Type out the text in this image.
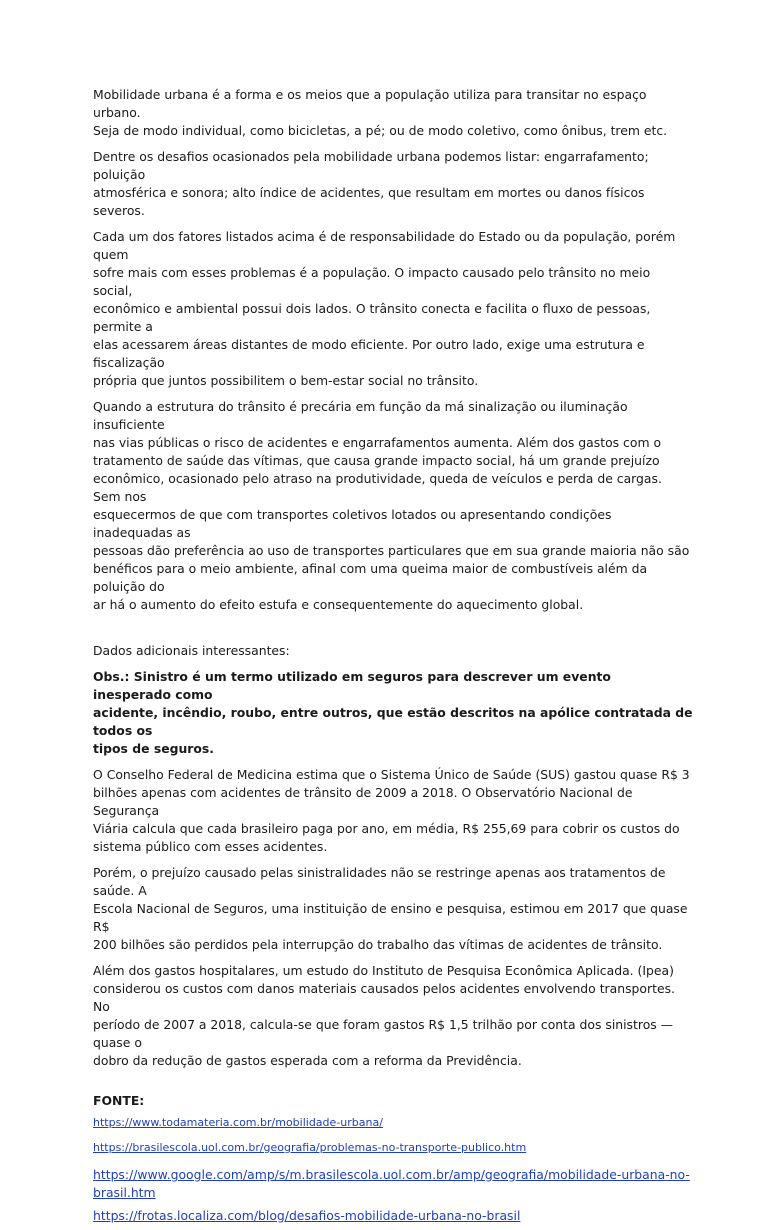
Mobilidade urbana é a forma e os meios que a população utiliza para transitar no espaço urbano.
Seja de modo individual, como bicicletas, a pé; ou de modo coletivo, como ônibus, trem etc.

Dentre os desafios ocasionados pela mobilidade urbana podemos listar: engarrafamento; poluição
atmosférica e sonora; alto índice de acidentes, que resultam em mortes ou danos físicos severos.

Cada um dos fatores listados acima é de responsabilidade do Estado ou da população, porém quem
sofre mais com esses problemas é a população. O impacto causado pelo trânsito no meio social,
econômico e ambiental possui dois lados. O trânsito conecta e facilita o fluxo de pessoas, permite a
elas acessarem áreas distantes de modo eficiente. Por outro lado, exige uma estrutura e fiscalização
própria que juntos possibilitem o bem-estar social no trânsito.

Quando a estrutura do trânsito é precária em função da má sinalização ou iluminação insuficiente
nas vias públicas o risco de acidentes e engarrafamentos aumenta. Além dos gastos com o
tratamento de saúde das vítimas, que causa grande impacto social, há um grande prejuízo
econômico, ocasionado pelo atraso na produtividade, queda de veículos e perda de cargas. Sem nos
esquecermos de que com transportes coletivos lotados ou apresentando condições inadequadas as
pessoas dão preferência ao uso de transportes particulares que em sua grande maioria não são
benéficos para o meio ambiente, afinal com uma queima maior de combustíveis além da poluição do
ar há o aumento do efeito estufa e consequentemente do aquecimento global.

Dados adicionais interessantes:

Obs.: Sinistro é um termo utilizado em seguros para descrever um evento inesperado como
acidente, incêndio, roubo, entre outros, que estão descritos na apólice contratada de todos os
tipos de seguros.

O Conselho Federal de Medicina estima que o Sistema Único de Saúde (SUS) gastou quase R$ 3
bilhões apenas com acidentes de trânsito de 2009 a 2018. O Observatório Nacional de Segurança
Viária calcula que cada brasileiro paga por ano, em média, R$ 255,69 para cobrir os custos do
sistema público com esses acidentes.

Porém, o prejuízo causado pelas sinistralidades não se restringe apenas aos tratamentos de saúde. A
Escola Nacional de Seguros, uma instituição de ensino e pesquisa, estimou em 2017 que quase R$
200 bilhões são perdidos pela interrupção do trabalho das vítimas de acidentes de trânsito.

Além dos gastos hospitalares, um estudo do Instituto de Pesquisa Econômica Aplicada. (Ipea)
considerou os custos com danos materiais causados pelos acidentes envolvendo transportes. No
período de 2007 a 2018, calcula-se que foram gastos R$ 1,5 trilhão por conta dos sinistros — quase o
dobro da redução de gastos esperada com a reforma da Previdência.

FONTE:
https://www.todamateria.com.br/mobilidade-urbana/
https://brasilescola.uol.com.br/geografia/problemas-no-transporte-publico.htm
https://www.google.com/amp/s/m.brasilescola.uol.com.br/amp/geografia/mobilidade-urbana-no-
brasil.htm
https://frotas.localiza.com/blog/desafios-mobilidade-urbana-no-brasil
